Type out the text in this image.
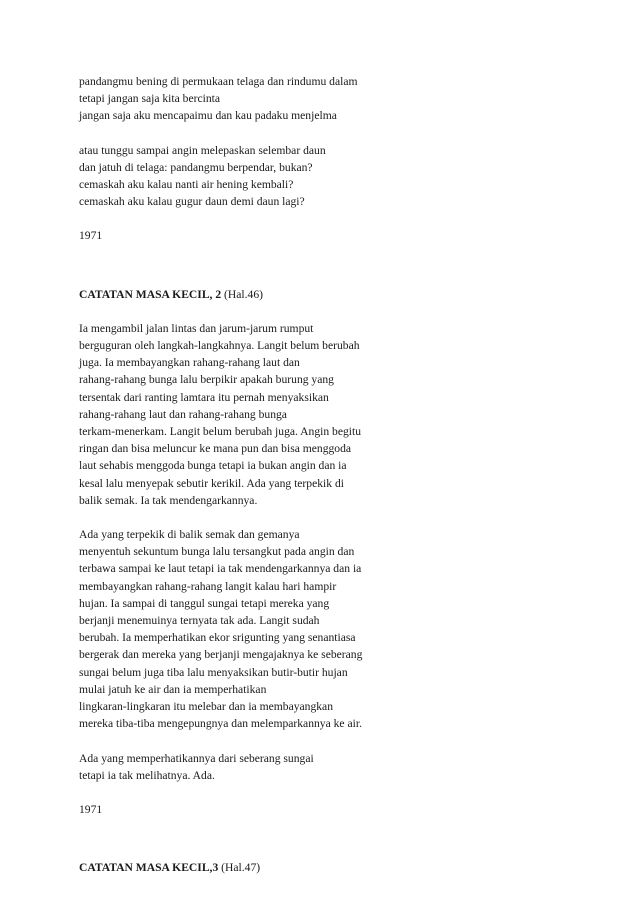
pandangmu bening di permukaan telaga dan rindumu dalam
tetapi jangan saja kita bercinta
jangan saja aku mencapaimu dan kau padaku menjelma
atau tunggu sampai angin melepaskan selembar daun
dan jatuh di telaga: pandangmu berpendar, bukan?
cemaskah aku kalau nanti air hening kembali?
cemaskah aku kalau gugur daun demi daun lagi?
1971
CATATAN MASA KECIL, 2 (Hal.46)
Ia mengambil jalan lintas dan jarum-jarum rumput
berguguran oleh langkah-langkahnya. Langit belum berubah
juga. Ia membayangkan rahang-rahang laut dan
rahang-rahang bunga lalu berpikir apakah burung yang
tersentak dari ranting lamtara itu pernah menyaksikan
rahang-rahang laut dan rahang-rahang bunga
terkam-menerkam. Langit belum berubah juga. Angin begitu
ringan dan bisa meluncur ke mana pun dan bisa menggoda
laut sehabis menggoda bunga tetapi ia bukan angin dan ia
kesal lalu menyepak sebutir kerikil. Ada yang terpekik di
balik semak. Ia tak mendengarkannya.
Ada yang terpekik di balik semak dan gemanya
menyentuh sekuntum bunga lalu tersangkut pada angin dan
terbawa sampai ke laut tetapi ia tak mendengarkannya dan ia
membayangkan rahang-rahang langit kalau hari hampir
hujan. Ia sampai di tanggul sungai tetapi mereka yang
berjanji menemuinya ternyata tak ada. Langit sudah
berubah. Ia memperhatikan ekor srigunting yang senantiasa
bergerak dan mereka yang berjanji mengajaknya ke seberang
sungai belum juga tiba lalu menyaksikan butir-butir hujan
mulai jatuh ke air dan ia memperhatikan
lingkaran-lingkaran itu melebar dan ia membayangkan
mereka tiba-tiba mengepungnya dan melemparkannya ke air.
Ada yang memperhatikannya dari seberang sungai
tetapi ia tak melihatnya. Ada.
1971
CATATAN MASA KECIL,3 (Hal.47)
